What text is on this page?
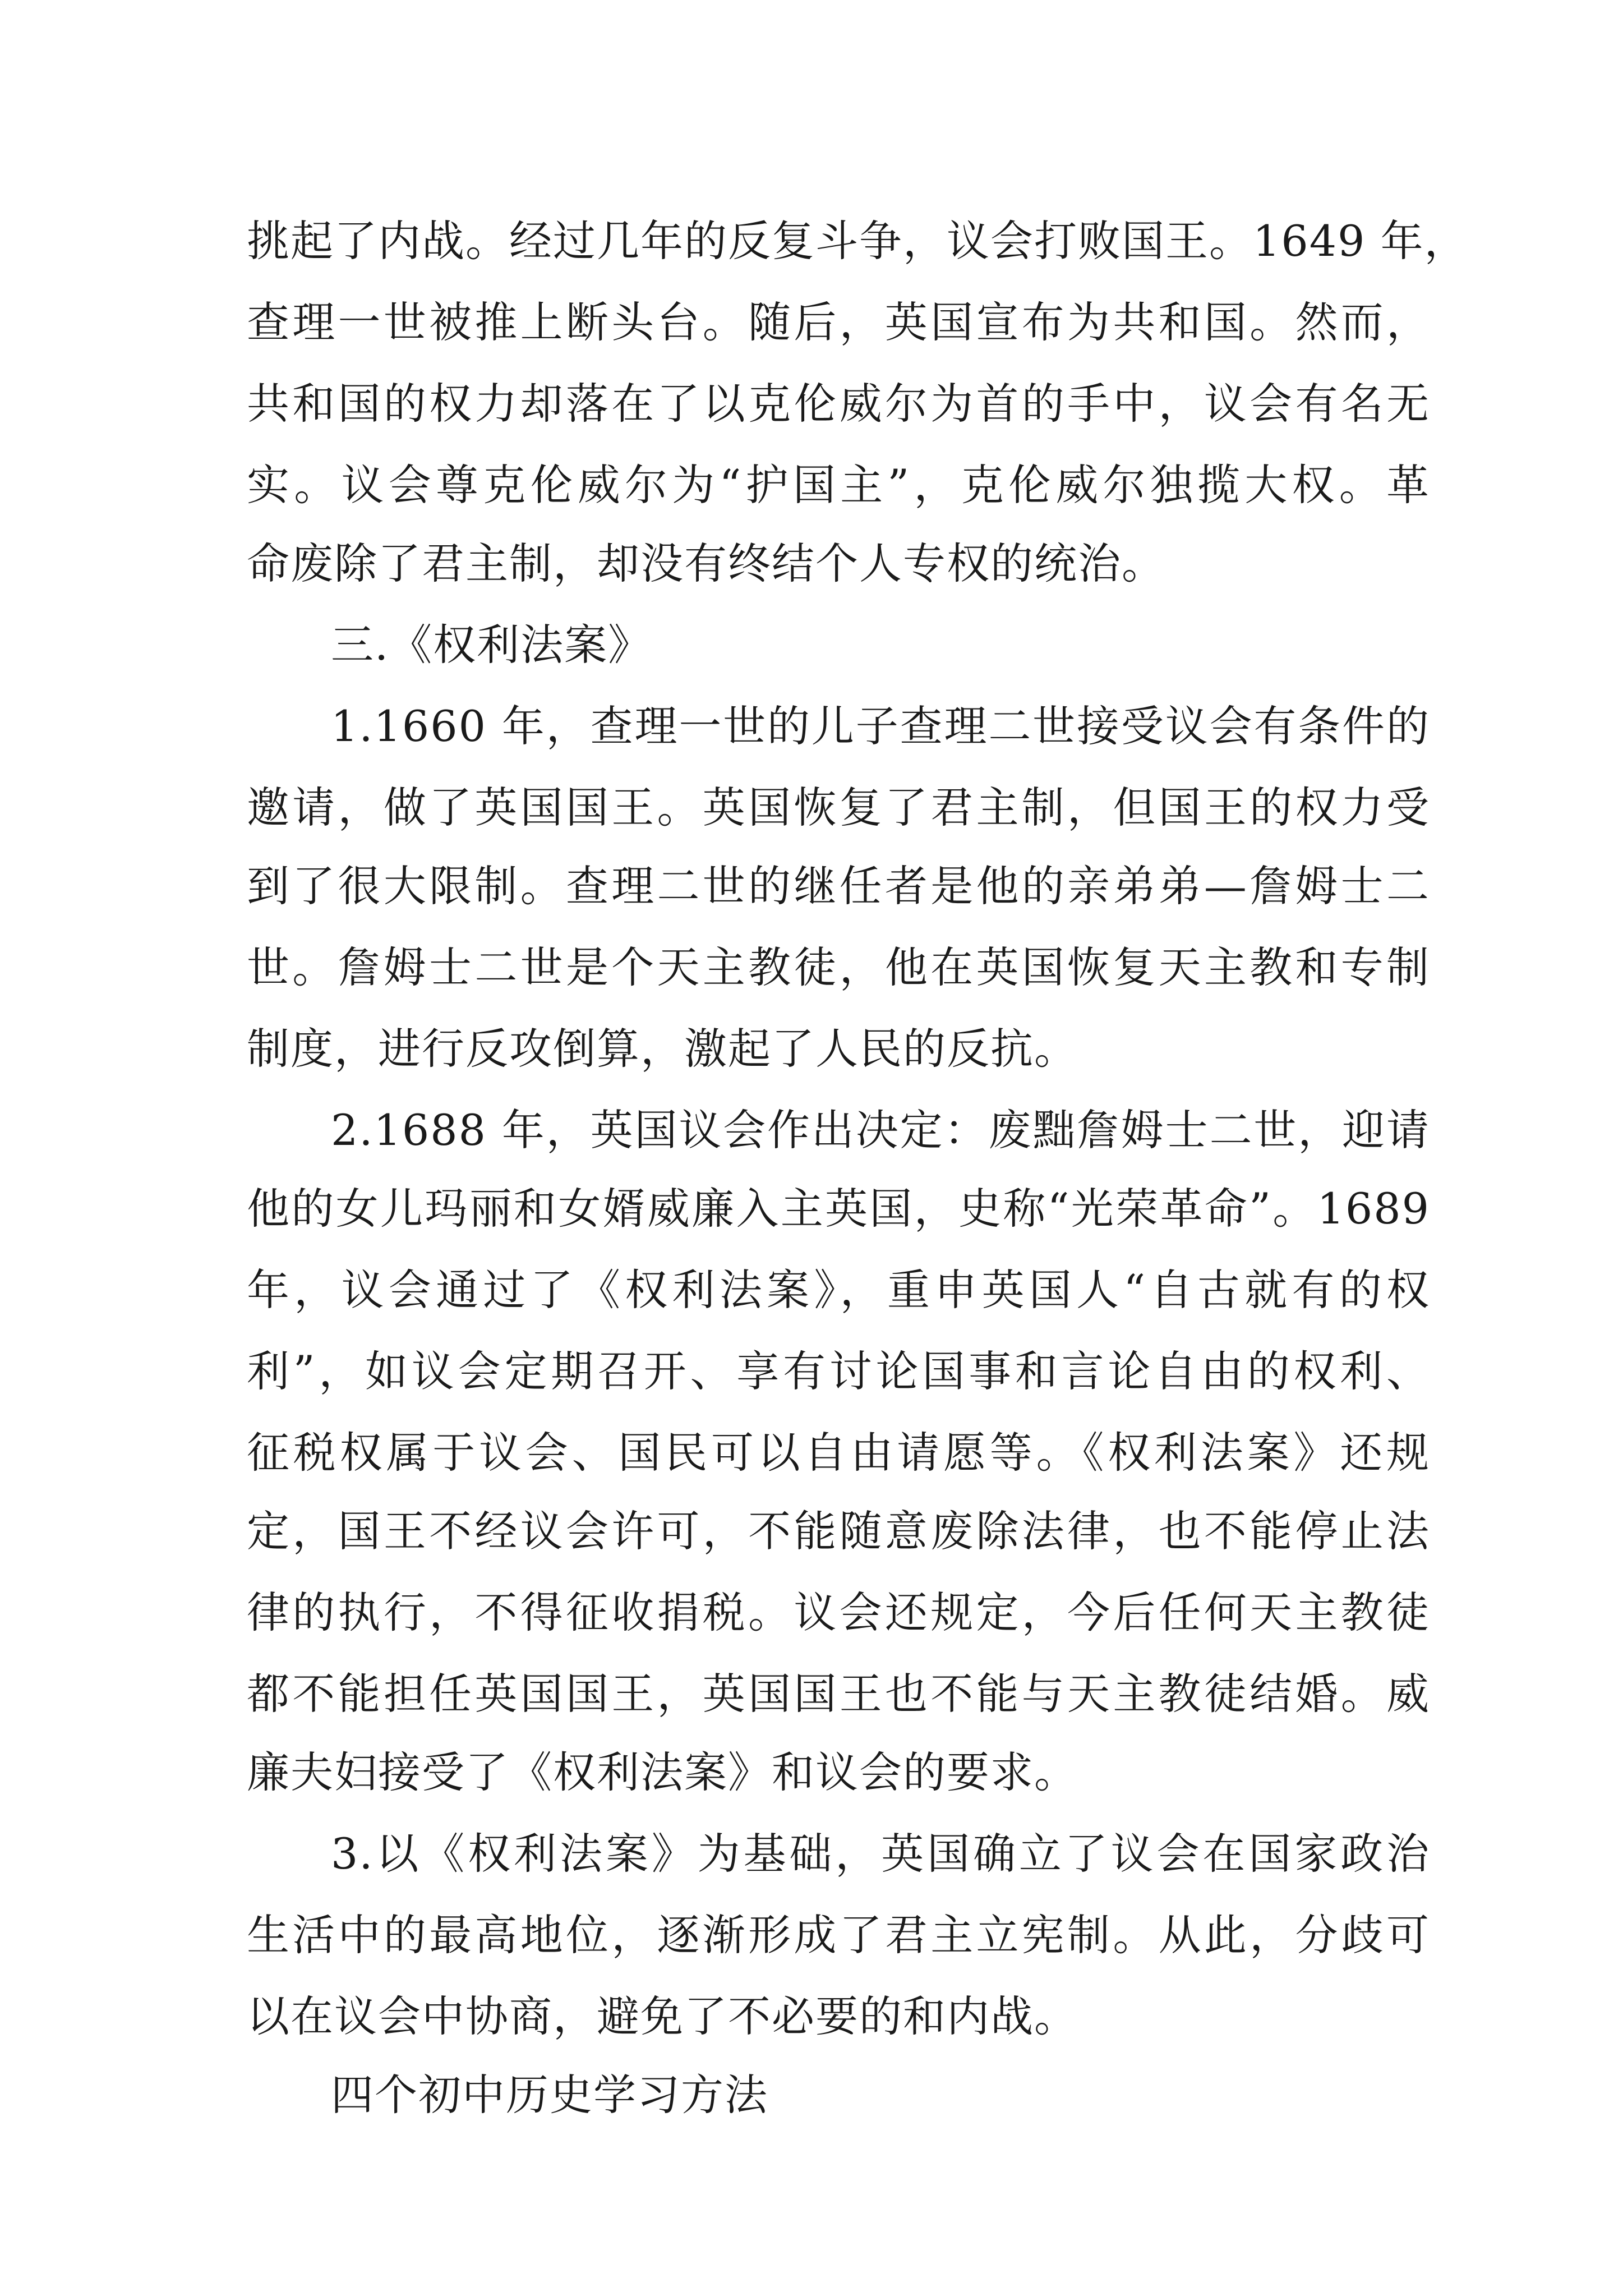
挑起了内战。经过几年的反复斗争，议会打败国王。1649 年，

查理一世被推上断头台。随后，英国宣布为共和国。然而，

共和国的权力却落在了以克伦威尔为首的手中，议会有名无

实。议会尊克伦威尔为“护国主”，克伦威尔独揽大权。革

命废除了君主制，却没有终结个人专权的统治。

三.《权利法案》

1.1660 年，查理一世的儿子查理二世接受议会有条件的

邀请，做了英国国王。英国恢复了君主制，但国王的权力受

到了很大限制。查理二世的继任者是他的亲弟弟—詹姆士二

世。詹姆士二世是个天主教徒，他在英国恢复天主教和专制

制度，进行反攻倒算，激起了人民的反抗。

2.1688 年，英国议会作出决定：废黜詹姆士二世，迎请

他的女儿玛丽和女婿威廉入主英国，史称“光荣革命”。1689

年，议会通过了《权利法案》，重申英国人“自古就有的权

利”，如议会定期召开、享有讨论国事和言论自由的权利、

征税权属于议会、国民可以自由请愿等。《权利法案》还规

定，国王不经议会许可，不能随意废除法律，也不能停止法

律的执行，不得征收捐税。议会还规定，今后任何天主教徒

都不能担任英国国王，英国国王也不能与天主教徒结婚。威

廉夫妇接受了《权利法案》和议会的要求。

3.以《权利法案》为基础，英国确立了议会在国家政治

生活中的最高地位，逐渐形成了君主立宪制。从此，分歧可

以在议会中协商，避免了不必要的和内战。

四个初中历史学习方法
